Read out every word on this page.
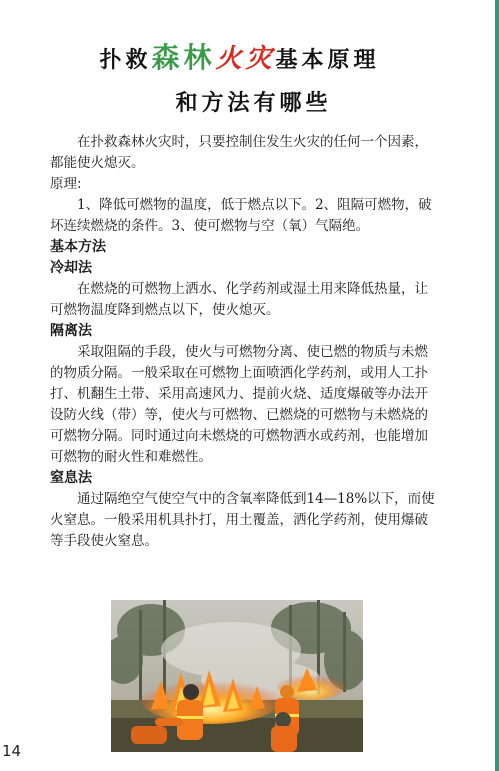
扑救 森林 火灾 基本原理
和方法有哪些

在扑救森林火灾时，只要控制住发生火灾的任何一个因素，都能使火熄灭。

原理:

1、降低可燃物的温度，低于燃点以下。2、阻隔可燃物，破坏连续燃烧的条件。3、使可燃物与空（氧）气隔绝。

基本方法

冷却法

在燃烧的可燃物上洒水、化学药剂或湿土用来降低热量，让可燃物温度降到燃点以下，使火熄灭。

隔离法

采取阻隔的手段，使火与可燃物分离、使已燃的物质与未燃的物质分隔。一般采取在可燃物上面喷洒化学药剂，或用人工扑打、机翻生土带、采用高速风力、提前火烧、适度爆破等办法开设防火线（带）等，使火与可燃物、已燃烧的可燃物与未燃烧的可燃物分隔。同时通过向未燃烧的可燃物洒水或药剂，也能增加可燃物的耐火性和难燃性。

窒息法

通过隔绝空气使空气中的含氧率降低到14—18%以下，而使火窒息。一般采用机具扑打，用土覆盖，洒化学药剂，使用爆破等手段使火窒息。

14
